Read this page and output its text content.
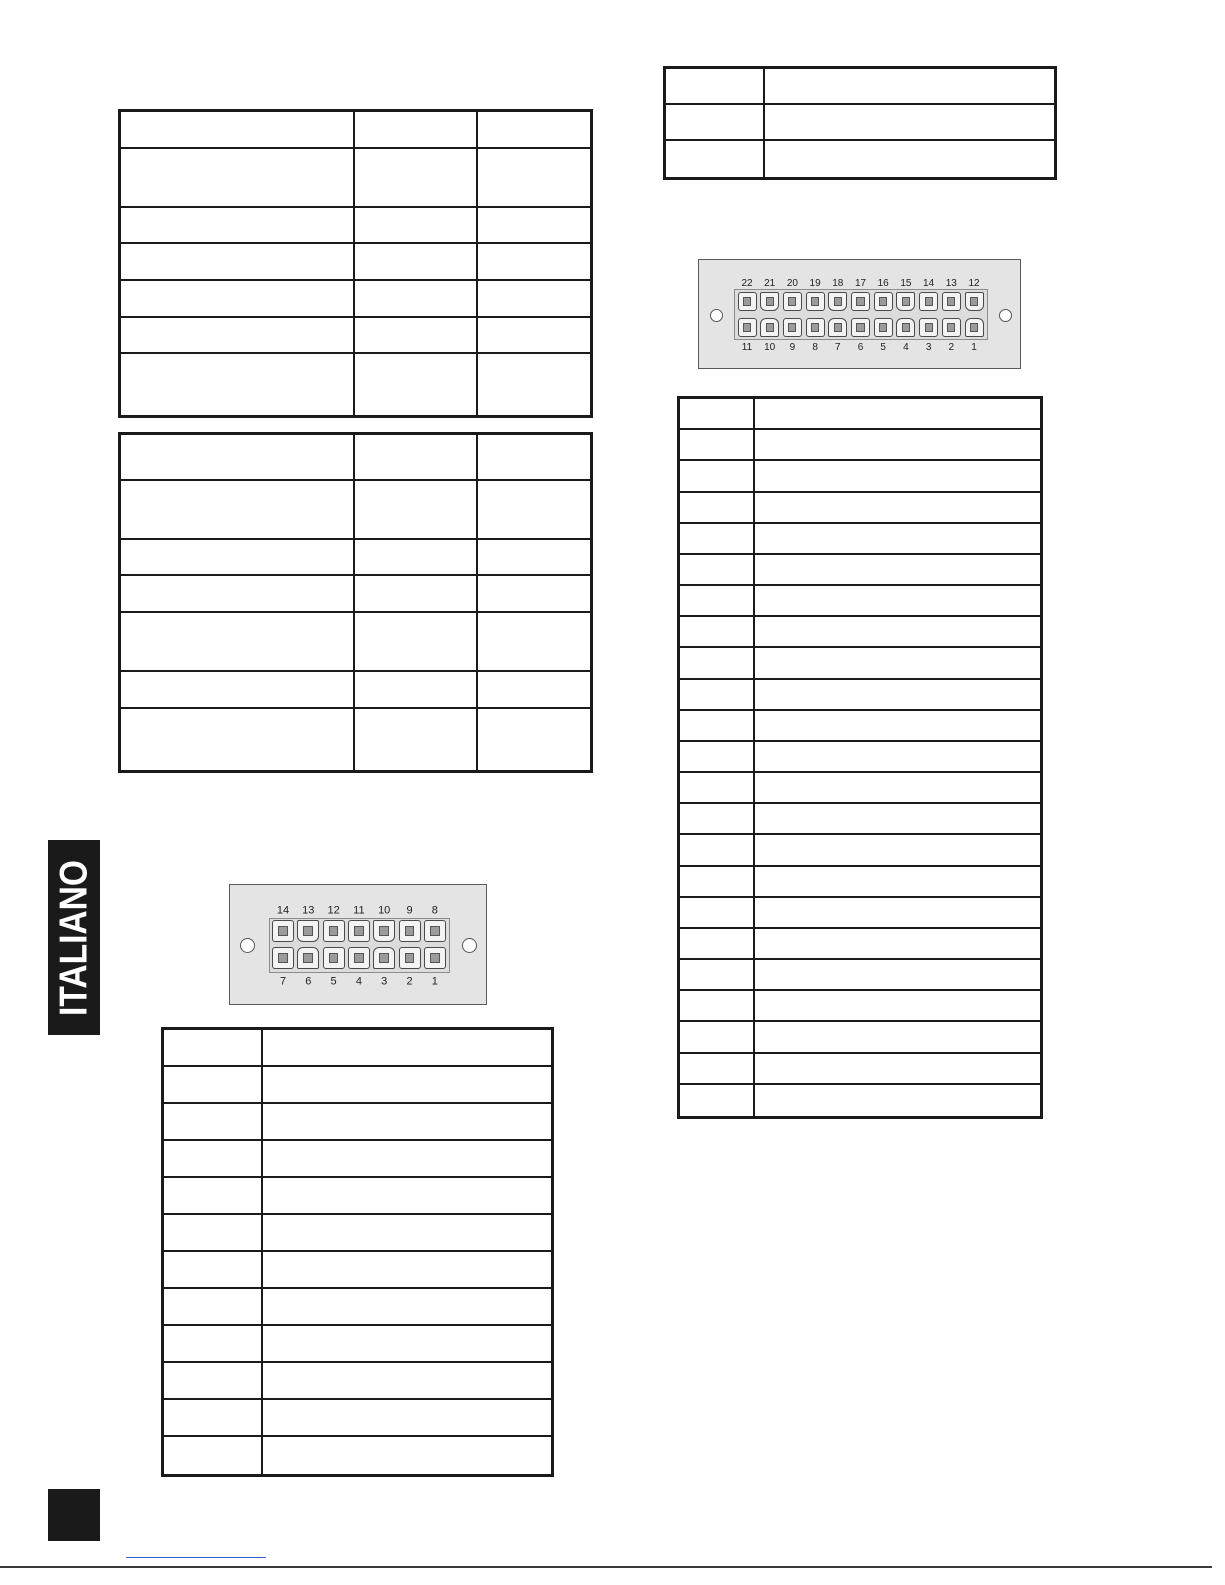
22 21 20 19 18 17 16 15 14 13 12
11 10 9 8 7 6 5 4 3 2 1
14 13 12 11 10 9 8
7 6 5 4 3 2 1
ITALIANO
